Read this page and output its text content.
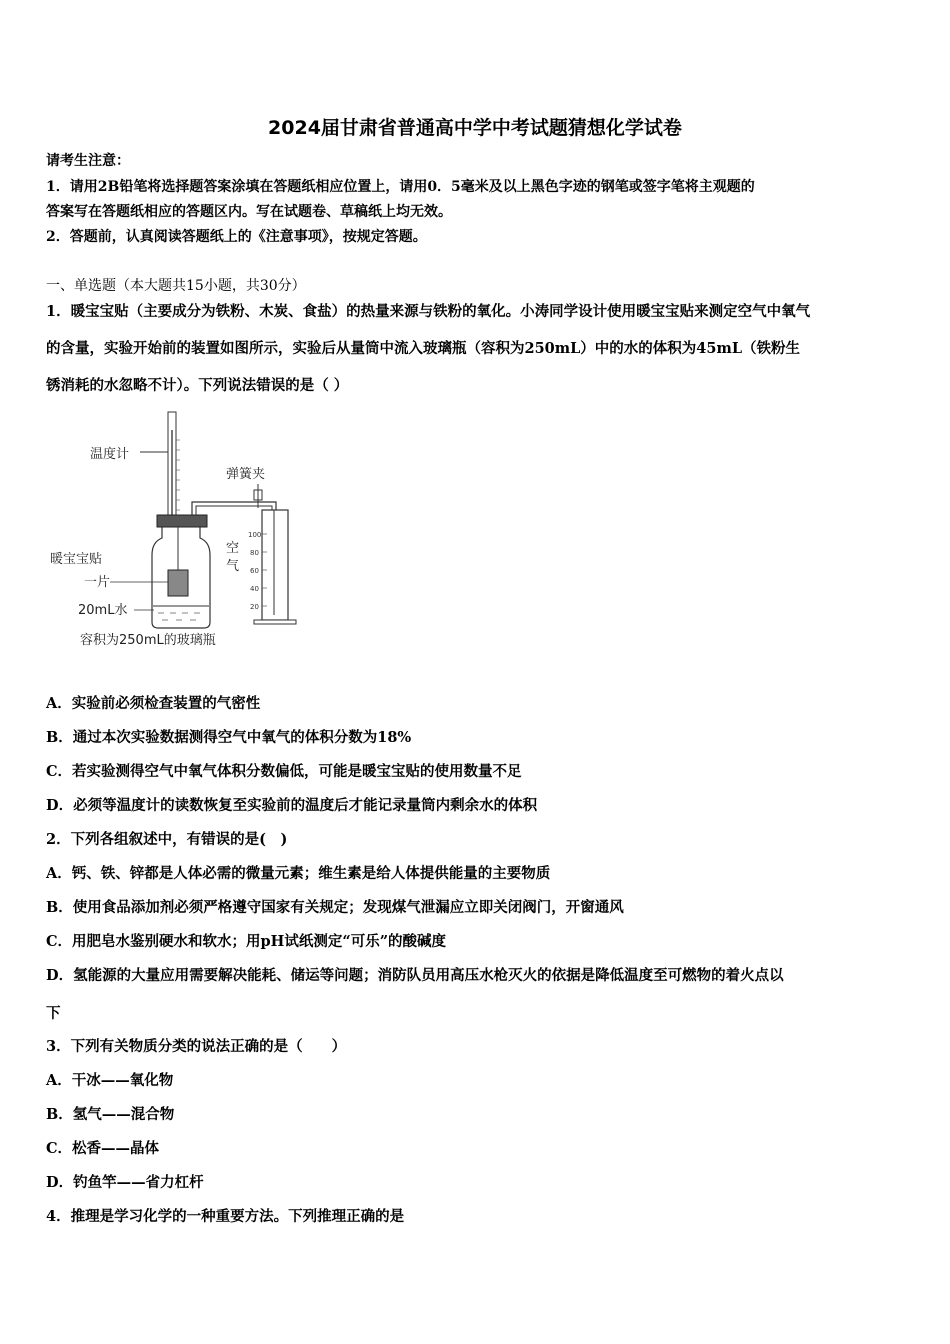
2024届甘肃省普通高中学中考试题猜想化学试卷
请考生注意：
1．请用2B铅笔将选择题答案涂填在答题纸相应位置上，请用0．5毫米及以上黑色字迹的钢笔或签字笔将主观题的
答案写在答题纸相应的答题区内。写在试题卷、草稿纸上均无效。
2．答题前，认真阅读答题纸上的《注意事项》，按规定答题。
一、单选题（本大题共15小题，共30分）
1．暖宝宝贴（主要成分为铁粉、木炭、食盐）的热量来源与铁粉的氧化。小涛同学设计使用暖宝宝贴来测定空气中氧气
的含量，实验开始前的装置如图所示，实验后从量筒中流入玻璃瓶（容积为250mL）中的水的体积为45mL（铁粉生
锈消耗的水忽略不计）。下列说法错误的是（ ）
温度计
弹簧夹
100
80
60
40
20
空
气
暖宝宝贴
一片
20mL水
容积为250mL的玻璃瓶
A．实验前必须检查装置的气密性
B．通过本次实验数据测得空气中氧气的体积分数为18%
C．若实验测得空气中氧气体积分数偏低，可能是暖宝宝贴的使用数量不足
D．必须等温度计的读数恢复至实验前的温度后才能记录量筒内剩余水的体积
2．下列各组叙述中，有错误的是(　)
A．钙、铁、锌都是人体必需的微量元素；维生素是给人体提供能量的主要物质
B．使用食品添加剂必须严格遵守国家有关规定；发现煤气泄漏应立即关闭阀门，开窗通风
C．用肥皂水鉴别硬水和软水；用pH试纸测定“可乐”的酸碱度
D．氢能源的大量应用需要解决能耗、储运等问题；消防队员用高压水枪灭火的依据是降低温度至可燃物的着火点以
下
3．下列有关物质分类的说法正确的是（　　）
A．干冰——氧化物
B．氢气——混合物
C．松香——晶体
D．钓鱼竿——省力杠杆
4．推理是学习化学的一种重要方法。下列推理正确的是
